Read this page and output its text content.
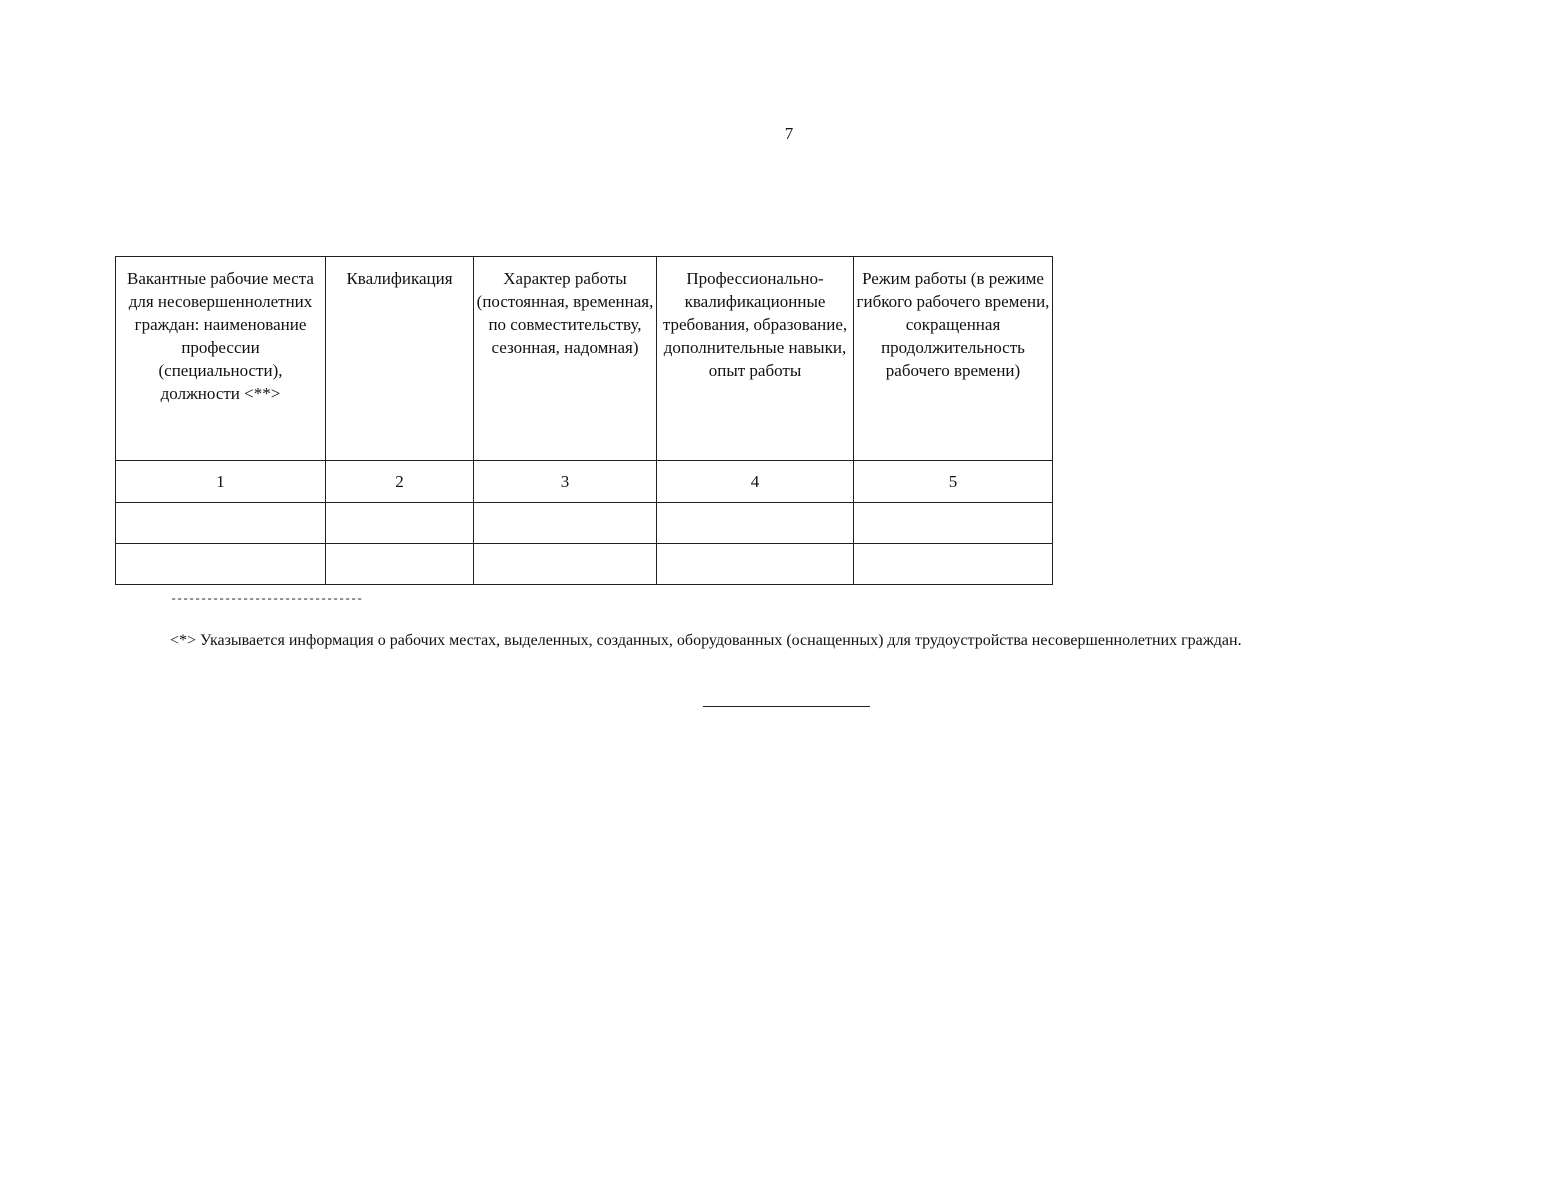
7
Вакантные рабочие места для несовершеннолетних граждан: наименование профессии (специальности), должности <**>	Квалификация	Характер работы (постоянная, временная, по совместительству, сезонная, надомная)	Профессионально-квалификационные требования, образование, дополнительные навыки, опыт работы	Режим работы (в режиме гибкого рабочего времени, сокращенная продолжительность рабочего времени)
1	2	3	4	5

--------------------------------
<*> Указывается информация о рабочих местах, выделенных, созданных, оборудованных (оснащенных) для трудоустройства несовершеннолетних граждан.
